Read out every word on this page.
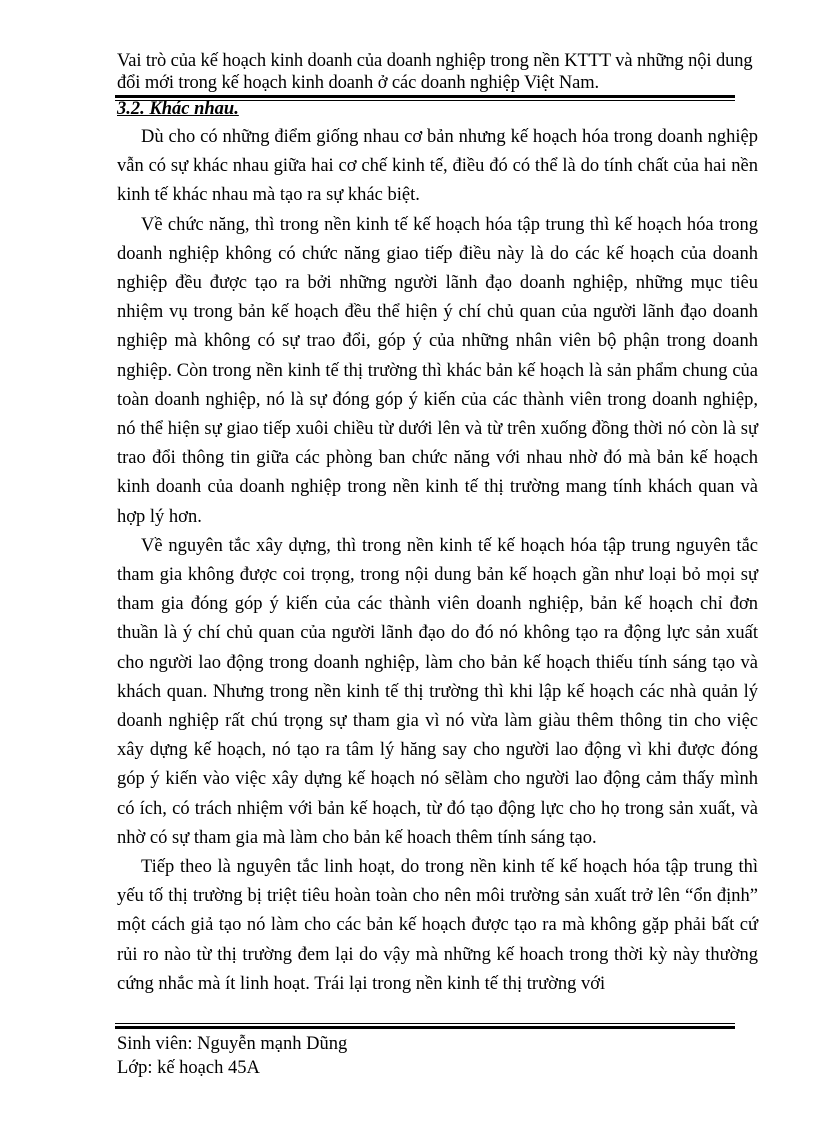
Vai trò của kế hoạch kinh doanh của doanh nghiệp trong nền KTTT và những nội dung đổi mới trong kế hoạch kinh doanh ở các doanh nghiệp Việt Nam.
3.2. Khác nhau.

Dù cho có những điểm giống nhau cơ bản nhưng kế hoạch hóa trong doanh nghiệp vẫn có sự khác nhau giữa hai cơ chế kinh tế, điều đó có thể là do tính chất của hai nền kinh tế khác nhau mà tạo ra sự khác biệt.

Về chức năng, thì trong nền kinh tế kế hoạch hóa tập trung thì kế hoạch hóa trong doanh nghiệp không có chức năng giao tiếp điều này là do các kế hoạch của doanh nghiệp đều được tạo ra bởi những người lãnh đạo doanh nghiệp, những mục tiêu nhiệm vụ trong bản kế hoạch đều thể hiện ý chí chủ quan của người lãnh đạo doanh nghiệp mà không có sự trao đổi, góp ý của những nhân viên bộ phận trong doanh nghiệp. Còn trong nền kinh tế thị trường thì khác bản kế hoạch là sản phẩm chung của toàn doanh nghiệp, nó là sự đóng góp ý kiến của các thành viên trong doanh nghiệp, nó thể hiện sự giao tiếp xuôi chiều từ dưới lên và từ trên xuống đồng thời nó còn là sự trao đổi thông tin giữa các phòng ban chức năng với nhau nhờ đó mà bản kế hoạch kinh doanh của doanh nghiệp trong nền kinh tế thị trường mang tính khách quan và hợp lý hơn.

Về nguyên tắc xây dựng, thì trong nền kinh tế kế hoạch hóa tập trung nguyên tắc tham gia không được coi trọng, trong nội dung bản kế hoạch gần như loại bỏ mọi sự tham gia đóng góp ý kiến của các thành viên doanh nghiệp, bản kế hoạch chỉ đơn thuần là ý chí chủ quan của người lãnh đạo do đó nó không tạo ra động lực sản xuất cho người lao động trong doanh nghiệp, làm cho bản kế hoạch thiếu tính sáng tạo và khách quan. Nhưng trong nền kinh tế thị trường thì khi lập kế hoạch các nhà quản lý doanh nghiệp rất chú trọng sự tham gia vì nó vừa làm giàu thêm thông tin cho việc xây dựng kế hoạch, nó tạo ra tâm lý hăng say cho người lao động vì khi được đóng góp ý kiến vào việc xây dựng kế hoạch nó sẽlàm cho người lao động cảm thấy mình có ích, có trách nhiệm với bản kế hoạch, từ đó tạo động lực cho họ trong sản xuất, và nhờ có sự tham gia mà làm cho bản kế hoach thêm tính sáng tạo.

Tiếp theo là nguyên tắc linh hoạt, do trong nền kinh tế kế hoạch hóa tập trung thì yếu tố thị trường bị triệt tiêu hoàn toàn cho nên môi trường sản xuất trở lên “ổn định” một cách giả tạo nó làm cho các bản kế hoạch được tạo ra mà không gặp phải bất cứ rủi ro nào từ thị trường đem lại do vậy mà những kế hoach trong thời kỳ này thường cứng nhắc mà ít linh hoạt. Trái lại trong nền kinh tế thị trường với

Sinh viên: Nguyễn mạnh Dũng
Lớp: kế hoạch 45A
